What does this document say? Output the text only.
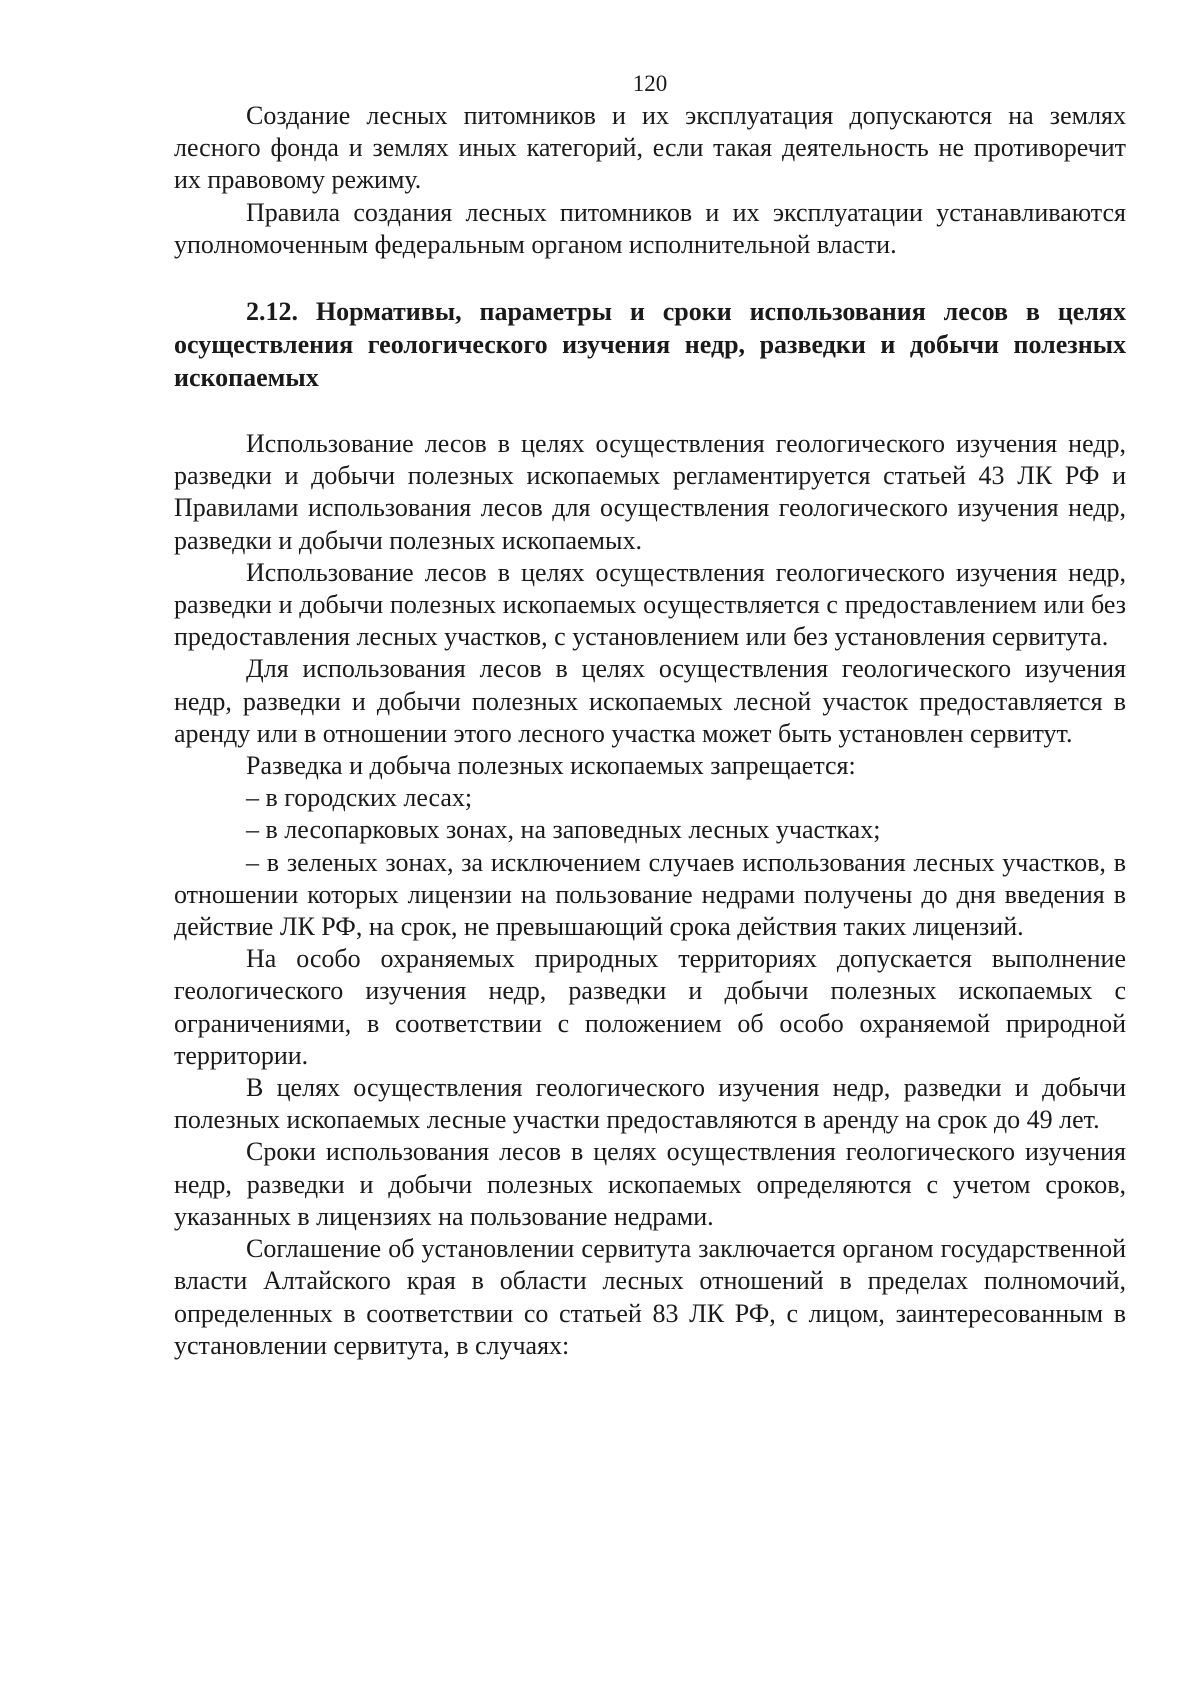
120

Создание лесных питомников и их эксплуатация допускаются на землях лесного фонда и землях иных категорий, если такая деятельность не противоречит их правовому режиму.

Правила создания лесных питомников и их эксплуатации устанавливаются уполномоченным федеральным органом исполнительной власти.

2.12. Нормативы, параметры и сроки использования лесов в целях осуществления геологического изучения недр, разведки и добычи полезных ископаемых

Использование лесов в целях осуществления геологического изучения недр, разведки и добычи полезных ископаемых регламентируется статьей 43 ЛК РФ и Правилами использования лесов для осуществления геологического изучения недр, разведки и добычи полезных ископаемых.

Использование лесов в целях осуществления геологического изучения недр, разведки и добычи полезных ископаемых осуществляется с предоставлением или без предоставления лесных участков, с установлением или без установления сервитута.

Для использования лесов в целях осуществления геологического изучения недр, разведки и добычи полезных ископаемых лесной участок предоставляется в аренду или в отношении этого лесного участка может быть установлен сервитут.

Разведка и добыча полезных ископаемых запрещается:

– в городских лесах;

– в лесопарковых зонах, на заповедных лесных участках;

– в зеленых зонах, за исключением случаев использования лесных участков, в отношении которых лицензии на пользование недрами получены до дня введения в действие ЛК РФ, на срок, не превышающий срока действия таких лицензий.

На особо охраняемых природных территориях допускается выполнение геологического изучения недр, разведки и добычи полезных ископаемых с ограничениями, в соответствии с положением об особо охраняемой природной территории.

В целях осуществления геологического изучения недр, разведки и добычи полезных ископаемых лесные участки предоставляются в аренду на срок до 49 лет.

Сроки использования лесов в целях осуществления геологического изучения недр, разведки и добычи полезных ископаемых определяются с учетом сроков, указанных в лицензиях на пользование недрами.

Соглашение об установлении сервитута заключается органом государственной власти Алтайского края в области лесных отношений в пределах полномочий, определенных в соответствии со статьей 83 ЛК РФ, с лицом, заинтересованным в установлении сервитута, в случаях:
